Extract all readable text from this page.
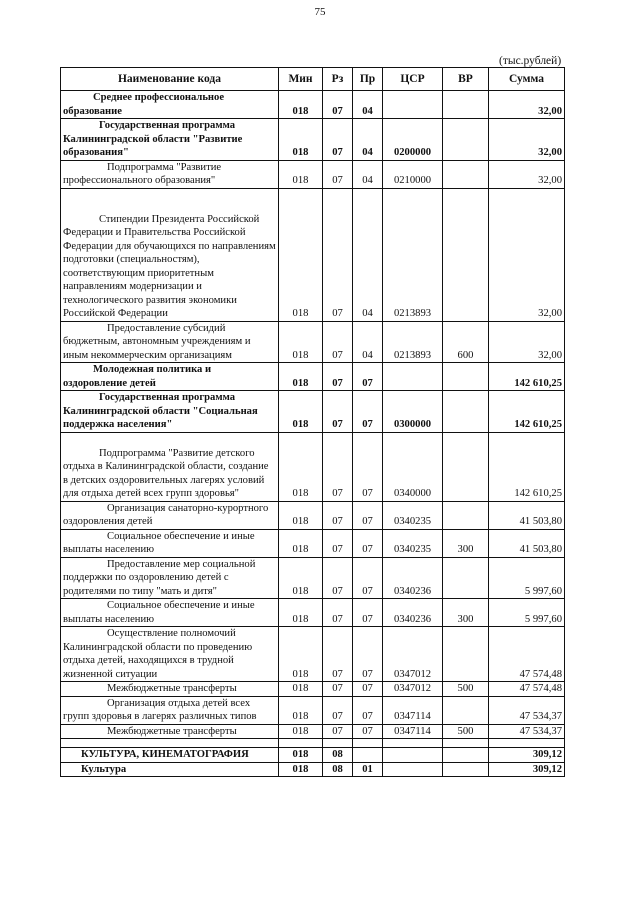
75
(тыс.рублей)
Наименование кода	Мин	Рз	Пр	ЦСР	ВР	Сумма
Среднее профессиональное образование	018	07	04			32,00
Государственная программа Калининградской области "Развитие образования"	018	07	04	0200000		32,00
Подпрограмма "Развитие профессионального образования"	018	07	04	0210000		32,00
Стипендии Президента Российской Федерации и Правительства Российской Федерации для обучающихся по направлениям подготовки (специальностям), соответствующим приоритетным направлениям модернизации и технологического развития экономики Российской Федерации	018	07	04	0213893		32,00
Предоставление субсидий бюджетным, автономным учреждениям и иным некоммерческим организациям	018	07	04	0213893	600	32,00
Молодежная политика и оздоровление детей	018	07	07			142 610,25
Государственная программа Калининградской области "Социальная поддержка населения"	018	07	07	0300000		142 610,25
Подпрограмма "Развитие детского отдыха в Калининградской области, создание в детских оздоровительных лагерях условий для отдыха детей всех групп здоровья"	018	07	07	0340000		142 610,25
Организация санаторно-курортного оздоровления детей	018	07	07	0340235		41 503,80
Социальное обеспечение и иные выплаты населению	018	07	07	0340235	300	41 503,80
Предоставление мер социальной поддержки по оздоровлению детей с родителями по типу "мать и дитя"	018	07	07	0340236		5 997,60
Социальное обеспечение и иные выплаты населению	018	07	07	0340236	300	5 997,60
Осуществление полномочий Калининградской области по проведению отдыха детей, находящихся в трудной жизненной ситуации	018	07	07	0347012		47 574,48
Межбюджетные трансферты	018	07	07	0347012	500	47 574,48
Организация отдыха детей всех групп здоровья в лагерях различных типов	018	07	07	0347114		47 534,37
Межбюджетные трансферты	018	07	07	0347114	500	47 534,37

КУЛЬТУРА, КИНЕМАТОГРАФИЯ	018	08				309,12
Культура	018	08	01			309,12
